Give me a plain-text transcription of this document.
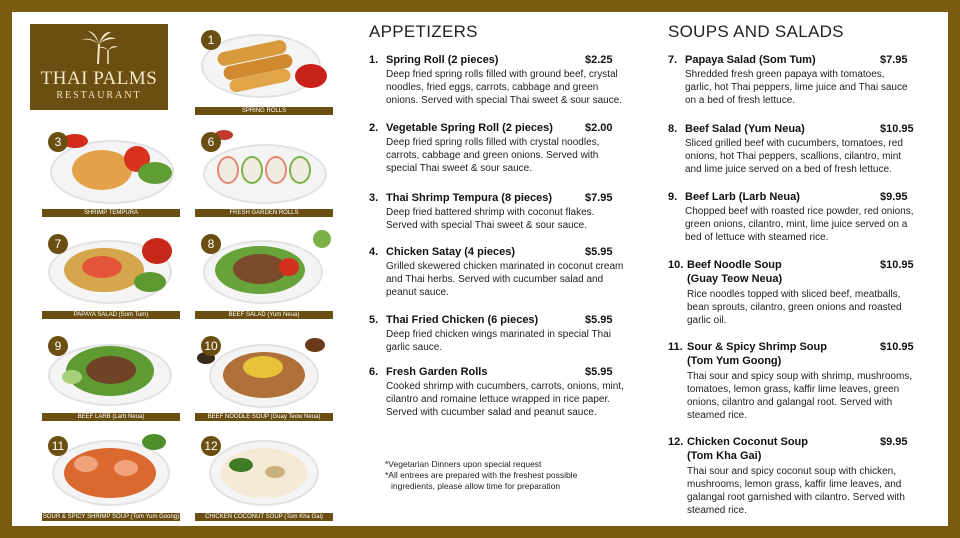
THAI PALMS
RESTAURANT
1
SPRING ROLLS
3
SHRIMP TEMPURA
6
FRESH GARDEN ROLLS
7
PAPAYA SALAD (Som Tum)
8
BEEF SALAD (Yum Neua)
9
BEEF LARB (Larb Neua)
10
BEEF NOODLE SOUP (Guay Teow Neua)
11
SOUR & SPICY SHRIMP SOUP (Tom Yum Goong)
12
CHICKEN COCONUT SOUP (Tom Kha Gai)
APPETIZERS
1. Spring Roll (2 pieces)	$2.25
Deep fried spring rolls filled with ground beef, crystal noodles, fried eggs, carrots, cabbage and green onions. Served with special Thai sweet & sour sauce.
2. Vegetable Spring Roll (2 pieces)	$2.00
Deep fried spring rolls filled with crystal noodles, carrots, cabbage and green onions. Served with special Thai sweet & sour sauce.
3. Thai Shrimp Tempura (8 pieces)	$7.95
Deep fried battered shrimp with coconut flakes. Served with special Thai sweet & sour sauce.
4. Chicken Satay (4 pieces)	$5.95
Grilled skewered chicken marinated in coconut cream and Thai herbs. Served with cucumber salad and peanut sauce.
5. Thai Fried Chicken (6 pieces)	$5.95
Deep fried chicken wings marinated in special Thai garlic sauce.
6. Fresh Garden Rolls	$5.95
Cooked shrimp with cucumbers, carrots, onions, mint, cilantro and romaine lettuce wrapped in rice paper. Served with cucumber salad and peanut sauce.
*Vegetarian Dinners upon special request
*All entrees are prepared with the freshest possible
ingredients, please allow time for preparation
SOUPS AND SALADS
7. Papaya Salad (Som Tum)	$7.95
Shredded fresh green papaya with tomatoes, garlic, hot Thai peppers, lime juice and Thai sauce on a bed of fresh lettuce.
8. Beef Salad (Yum Neua)	$10.95
Sliced grilled beef with cucumbers, tomatoes, red onions, hot Thai peppers, scallions, cilantro, mint and lime juice served on a bed of fresh lettuce.
9. Beef Larb (Larb Neua)	$9.95
Chopped beef with roasted rice powder, red onions, green onions, cilantro, mint, lime juice served on a bed of lettuce with steamed rice.
10. Beef Noodle Soup	$10.95
(Guay Teow Neua)
Rice noodles topped with sliced beef, meatballs, bean sprouts, cilantro, green onions and roasted garlic oil.
11. Sour & Spicy Shrimp Soup	$10.95
(Tom Yum Goong)
Thai sour and spicy soup with shrimp, mushrooms, tomatoes, lemon grass, kaffir lime leaves, green onions, cilantro and galangal root. Served with steamed rice.
12. Chicken Coconut Soup	$9.95
(Tom Kha Gai)
Thai sour and spicy coconut soup with chicken, mushrooms, lemon grass, kaffir lime leaves, and galangal root garnished with cilantro. Served with steamed rice.
